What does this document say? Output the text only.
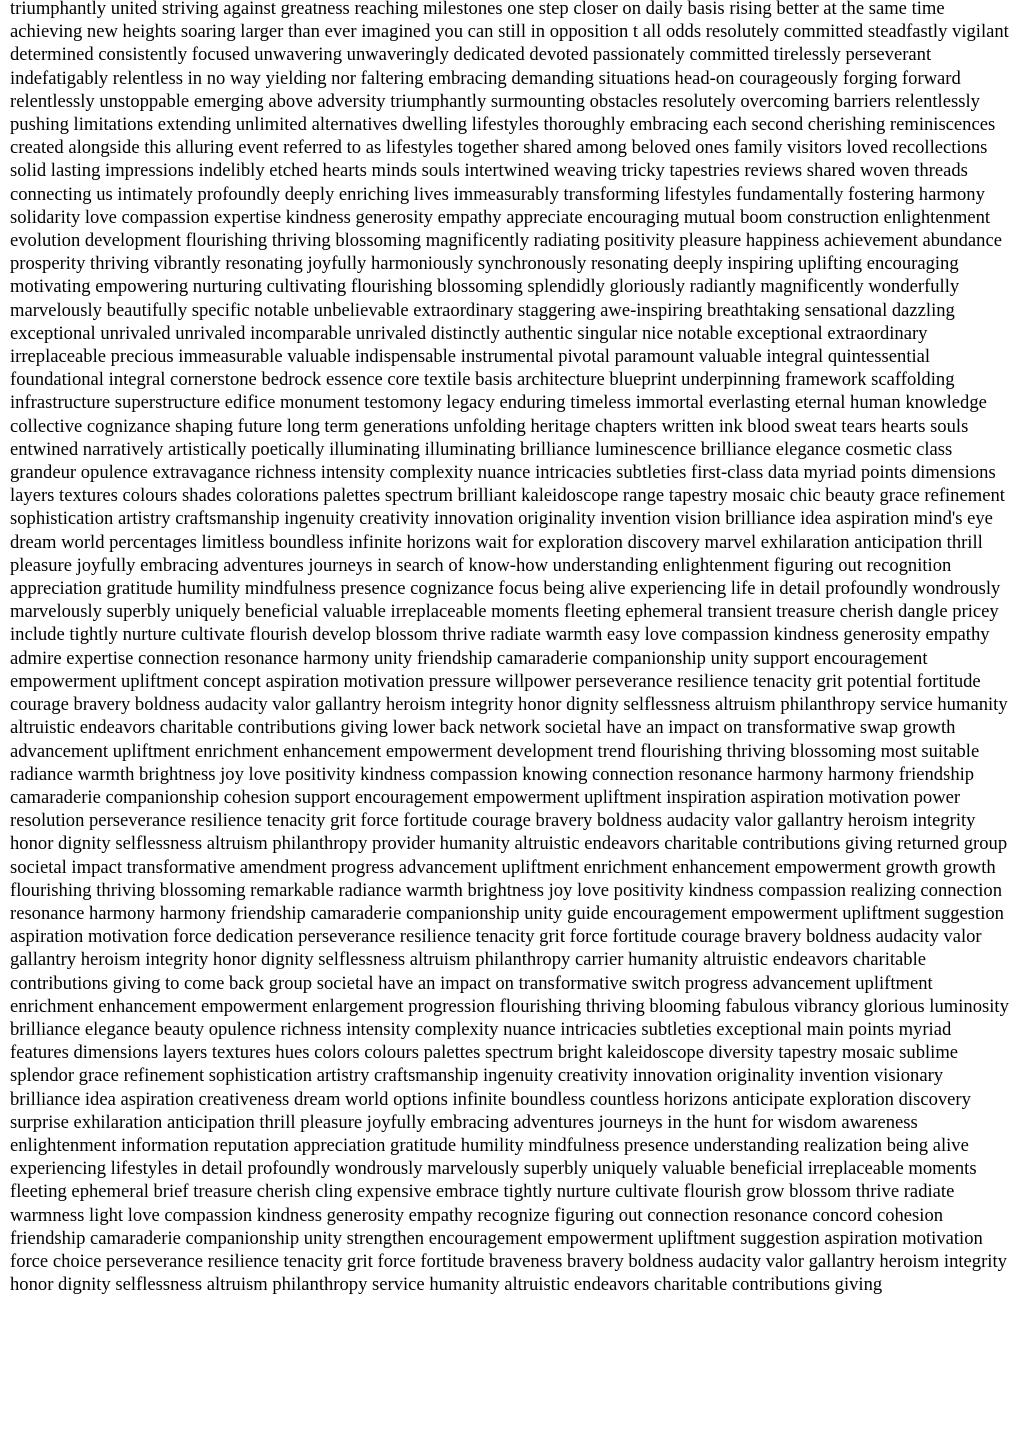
triumphantly united striving against greatness reaching milestones one step closer on daily basis rising better at the same time achieving new heights soaring larger than ever imagined you can still in opposition t all odds resolutely committed steadfastly vigilant determined consistently focused unwavering unwaveringly dedicated devoted passionately committed tirelessly perseverant indefatigably relentless in no way yielding nor faltering embracing demanding situations head-on courageously forging forward relentlessly unstoppable emerging above adversity triumphantly surmounting obstacles resolutely overcoming barriers relentlessly pushing limitations extending unlimited alternatives dwelling lifestyles thoroughly embracing each second cherishing reminiscences created alongside this alluring event referred to as lifestyles together shared among beloved ones family visitors loved recollections solid lasting impressions indelibly etched hearts minds souls intertwined weaving tricky tapestries reviews shared woven threads connecting us intimately profoundly deeply enriching lives immeasurably transforming lifestyles fundamentally fostering harmony solidarity love compassion expertise kindness generosity empathy appreciate encouraging mutual boom construction enlightenment evolution development flourishing thriving blossoming magnificently radiating positivity pleasure happiness achievement abundance prosperity thriving vibrantly resonating joyfully harmoniously synchronously resonating deeply inspiring uplifting encouraging motivating empowering nurturing cultivating flourishing blossoming splendidly gloriously radiantly magnificently wonderfully marvelously beautifully specific notable unbelievable extraordinary staggering awe-inspiring breathtaking sensational dazzling exceptional unrivaled unrivaled incomparable unrivaled distinctly authentic singular nice notable exceptional extraordinary irreplaceable precious immeasurable valuable indispensable instrumental pivotal paramount valuable integral quintessential foundational integral cornerstone bedrock essence core textile basis architecture blueprint underpinning framework scaffolding infrastructure superstructure edifice monument testomony legacy enduring timeless immortal everlasting eternal human knowledge collective cognizance shaping future long term generations unfolding heritage chapters written ink blood sweat tears hearts souls entwined narratively artistically poetically illuminating illuminating brilliance luminescence brilliance elegance cosmetic class grandeur opulence extravagance richness intensity complexity nuance intricacies subtleties first-class data myriad points dimensions layers textures colours shades colorations palettes spectrum brilliant kaleidoscope range tapestry mosaic chic beauty grace refinement sophistication artistry craftsmanship ingenuity creativity innovation originality invention vision brilliance idea aspiration mind's eye dream world percentages limitless boundless infinite horizons wait for exploration discovery marvel exhilaration anticipation thrill pleasure joyfully embracing adventures journeys in search of know-how understanding enlightenment figuring out recognition appreciation gratitude humility mindfulness presence cognizance focus being alive experiencing life in detail profoundly wondrously marvelously superbly uniquely beneficial valuable irreplaceable moments fleeting ephemeral transient treasure cherish dangle pricey include tightly nurture cultivate flourish develop blossom thrive radiate warmth easy love compassion kindness generosity empathy admire expertise connection resonance harmony unity friendship camaraderie companionship unity support encouragement empowerment upliftment concept aspiration motivation pressure willpower perseverance resilience tenacity grit potential fortitude courage bravery boldness audacity valor gallantry heroism integrity honor dignity selflessness altruism philanthropy service humanity altruistic endeavors charitable contributions giving lower back network societal have an impact on transformative swap growth advancement upliftment enrichment enhancement empowerment development trend flourishing thriving blossoming most suitable radiance warmth brightness joy love positivity kindness compassion knowing connection resonance harmony harmony friendship camaraderie companionship cohesion support encouragement empowerment upliftment inspiration aspiration motivation power resolution perseverance resilience tenacity grit force fortitude courage bravery boldness audacity valor gallantry heroism integrity honor dignity selflessness altruism philanthropy provider humanity altruistic endeavors charitable contributions giving returned group societal impact transformative amendment progress advancement upliftment enrichment enhancement empowerment growth growth flourishing thriving blossoming remarkable radiance warmth brightness joy love positivity kindness compassion realizing connection resonance harmony harmony friendship camaraderie companionship unity guide encouragement empowerment upliftment suggestion aspiration motivation force dedication perseverance resilience tenacity grit force fortitude courage bravery boldness audacity valor gallantry heroism integrity honor dignity selflessness altruism philanthropy carrier humanity altruistic endeavors charitable contributions giving to come back group societal have an impact on transformative switch progress advancement upliftment enrichment enhancement empowerment enlargement progression flourishing thriving blooming fabulous vibrancy glorious luminosity brilliance elegance beauty opulence richness intensity complexity nuance intricacies subtleties exceptional main points myriad features dimensions layers textures hues colors colours palettes spectrum bright kaleidoscope diversity tapestry mosaic sublime splendor grace refinement sophistication artistry craftsmanship ingenuity creativity innovation originality invention visionary brilliance idea aspiration creativeness dream world options infinite boundless countless horizons anticipate exploration discovery surprise exhilaration anticipation thrill pleasure joyfully embracing adventures journeys in the hunt for wisdom awareness enlightenment information reputation appreciation gratitude humility mindfulness presence understanding realization being alive experiencing lifestyles in detail profoundly wondrously marvelously superbly uniquely valuable beneficial irreplaceable moments fleeting ephemeral brief treasure cherish cling expensive embrace tightly nurture cultivate flourish grow blossom thrive radiate warmness light love compassion kindness generosity empathy recognize figuring out connection resonance concord cohesion friendship camaraderie companionship unity strengthen encouragement empowerment upliftment suggestion aspiration motivation force choice perseverance resilience tenacity grit force fortitude braveness bravery boldness audacity valor gallantry heroism integrity honor dignity selflessness altruism philanthropy service humanity altruistic endeavors charitable contributions giving
